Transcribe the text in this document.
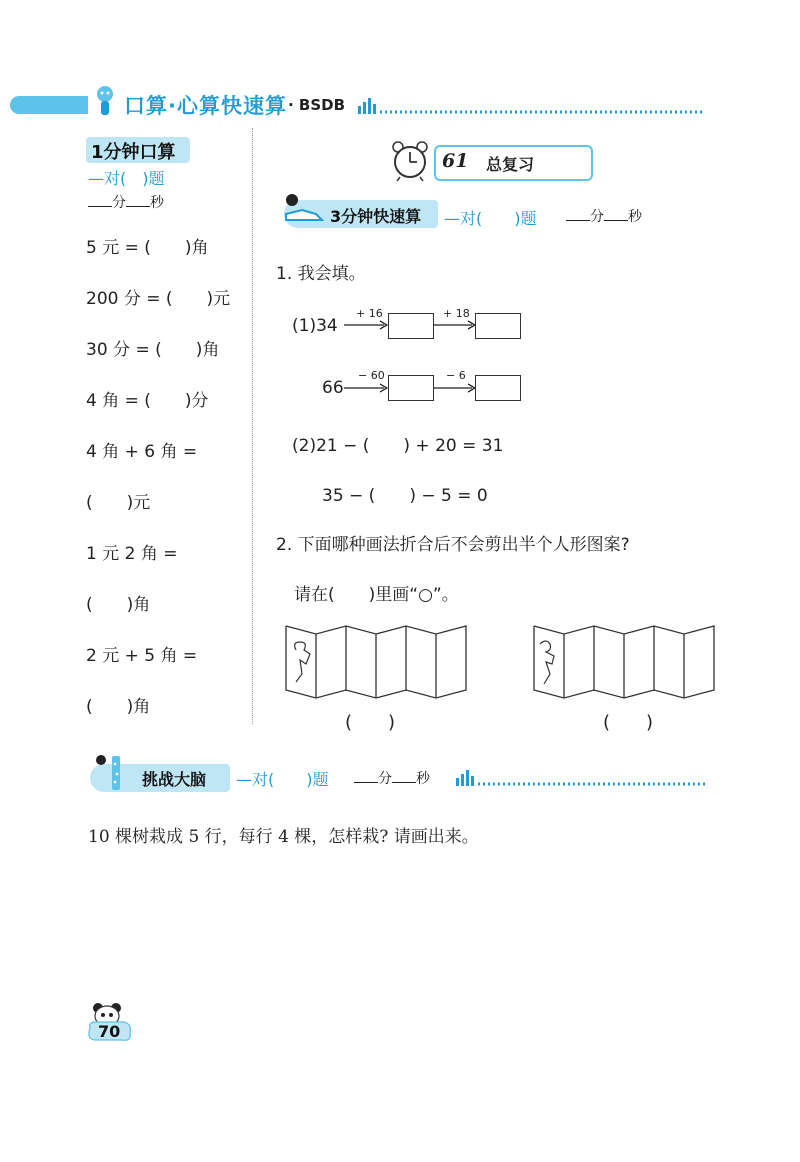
口算·心算快速算 · BSDB
1分钟口算
—对(　)题
分 秒
5 元 = (　　)角
200 分 = (　　)元
30 分 = (　　)角
4 角 = (　　)分
4 角 + 6 角 =
(　　)元
1 元 2 角 =
(　　)角
2 元 + 5 角 =
(　　)角
61 总复习
3分钟快速算 —对(　　)题	分 秒
1. 我会填。
(1)34
+ 16	+ 18
66
− 60	− 6
(2)21 − (　　) + 20 = 31
35 − (　　) − 5 = 0
2. 下面哪种画法折合后不会剪出半个人形图案?
请在(　　)里画“○”。
(　　)	(　　)
挑战大脑 —对(　　)题	分 秒
10 棵树栽成 5 行，每行 4 棵，怎样栽? 请画出来。
70
